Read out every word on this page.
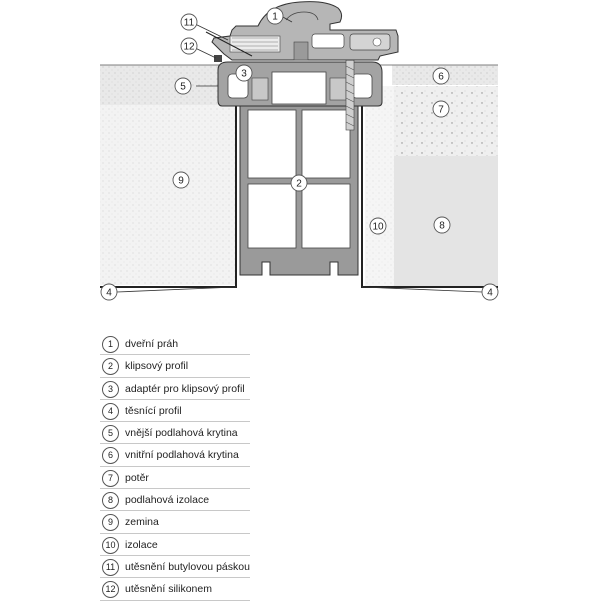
1
11
12
3
5
6
7
9	2
10	8
4	4
1	dveřní práh
2	klipsový profil
3	adaptér pro klipsový profil
4	těsnící profil
5	vnější podlahová krytina
6	vnitřní podlahová krytina
7	potěr
8	podlahová izolace
9	zemina
10 izolace
11 utěsnění butylovou páskou
12 utěsnění silikonem
